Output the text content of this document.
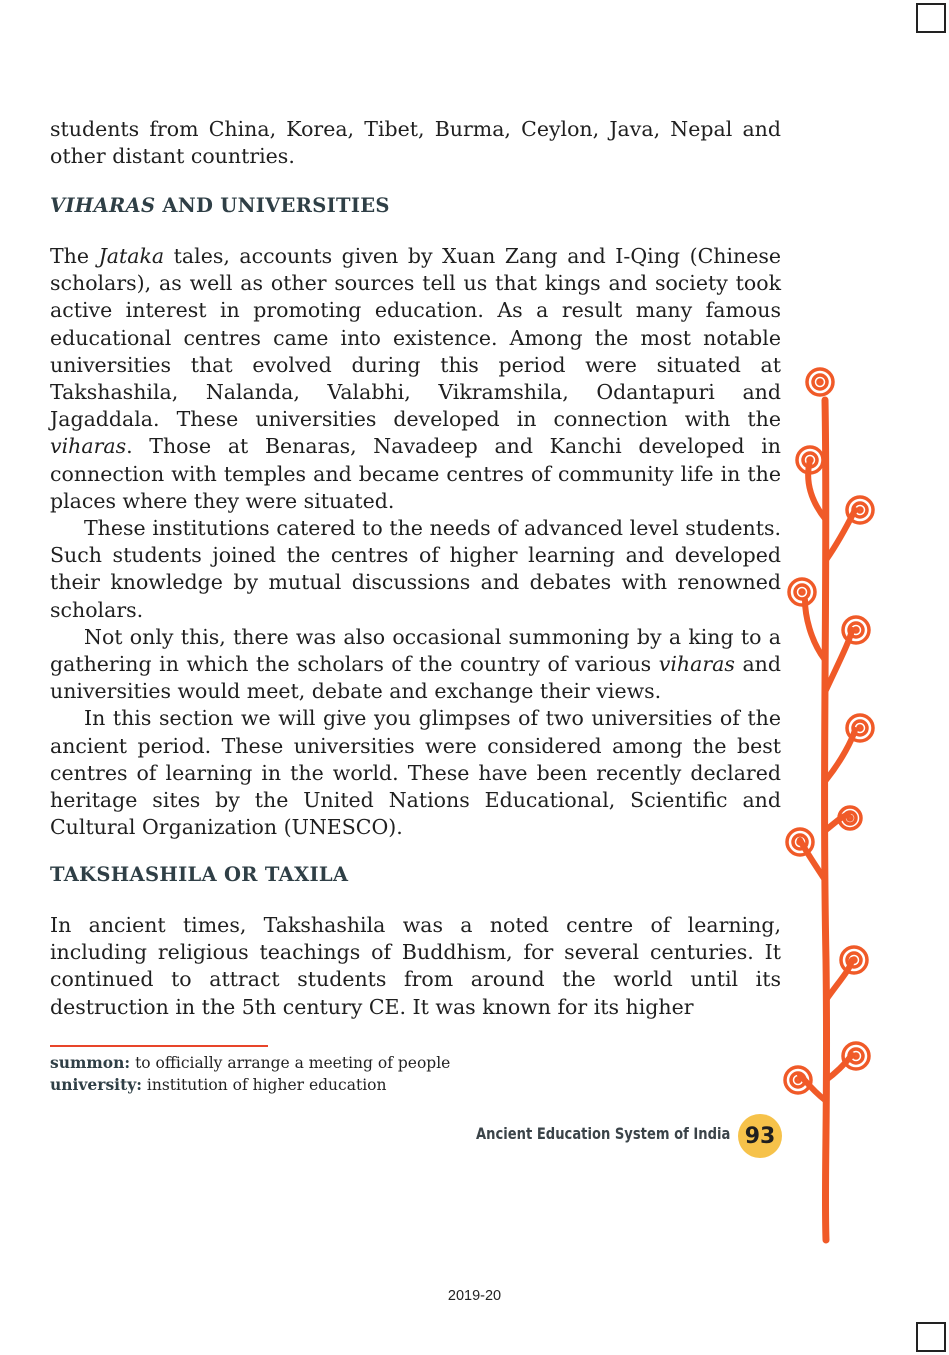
students from China, Korea, Tibet, Burma, Ceylon, Java, Nepal and other distant countries.

VIHARAS AND UNIVERSITIES

The Jataka tales, accounts given by Xuan Zang and I-Qing (Chinese scholars), as well as other sources tell us that kings and society took active interest in promoting education. As a result many famous educational centres came into existence. Among the most notable universities that evolved during this period were situated at Takshashila, Nalanda, Valabhi, Vikramshila, Odantapuri and Jagaddala. These universities developed in connection with the viharas. Those at Benaras, Navadeep and Kanchi developed in connection with temples and became centres of community life in the places where they were situated.

These institutions catered to the needs of advanced level students. Such students joined the centres of higher learning and developed their knowledge by mutual discussions and debates with renowned scholars.

Not only this, there was also occasional summoning by a king to a gathering in which the scholars of the country of various viharas and universities would meet, debate and exchange their views.

In this section we will give you glimpses of two universities of the ancient period. These universities were considered among the best centres of learning in the world. These have been recently declared heritage sites by the United Nations Educational, Scientific and Cultural Organization (UNESCO).

TAKSHASHILA OR TAXILA

In ancient times, Takshashila was a noted centre of learning, including religious teachings of Buddhism, for several centuries. It continued to attract students from around the world until its destruction in the 5th century CE. It was known for its higher

summon: to officially arrange a meeting of people
university: institution of higher education
Ancient Education System of India 93
2019-20
